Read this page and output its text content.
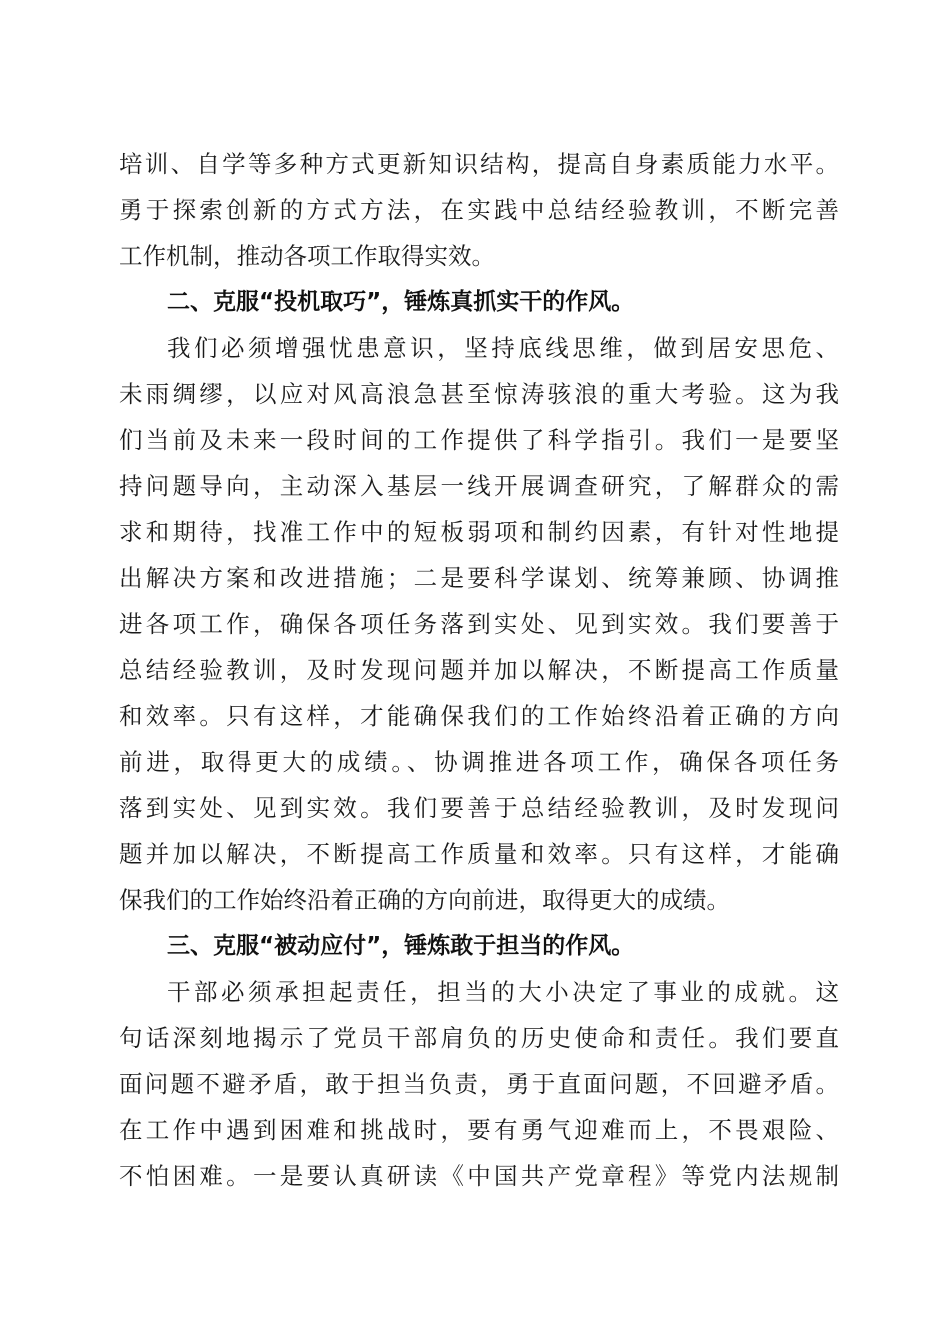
培训、自学等多种方式更新知识结构，提高自身素质能力水平。
勇于探索创新的方式方法，在实践中总结经验教训，不断完善
工作机制，推动各项工作取得实效。
二、克服“投机取巧”，锤炼真抓实干的作风。
我们必须增强忧患意识，坚持底线思维，做到居安思危、
未雨绸缪，以应对风高浪急甚至惊涛骇浪的重大考验。这为我
们当前及未来一段时间的工作提供了科学指引。我们一是要坚
持问题导向，主动深入基层一线开展调查研究，了解群众的需
求和期待，找准工作中的短板弱项和制约因素，有针对性地提
出解决方案和改进措施；二是要科学谋划、统筹兼顾、协调推
进各项工作，确保各项任务落到实处、见到实效。我们要善于
总结经验教训，及时发现问题并加以解决，不断提高工作质量
和效率。只有这样，才能确保我们的工作始终沿着正确的方向
前进，取得更大的成绩。、协调推进各项工作，确保各项任务
落到实处、见到实效。我们要善于总结经验教训，及时发现问
题并加以解决，不断提高工作质量和效率。只有这样，才能确
保我们的工作始终沿着正确的方向前进，取得更大的成绩。
三、克服“被动应付”，锤炼敢于担当的作风。
干部必须承担起责任，担当的大小决定了事业的成就。这
句话深刻地揭示了党员干部肩负的历史使命和责任。我们要直
面问题不避矛盾，敢于担当负责，勇于直面问题，不回避矛盾。
在工作中遇到困难和挑战时，要有勇气迎难而上，不畏艰险、
不怕困难。一是要认真研读《中国共产党章程》等党内法规制
